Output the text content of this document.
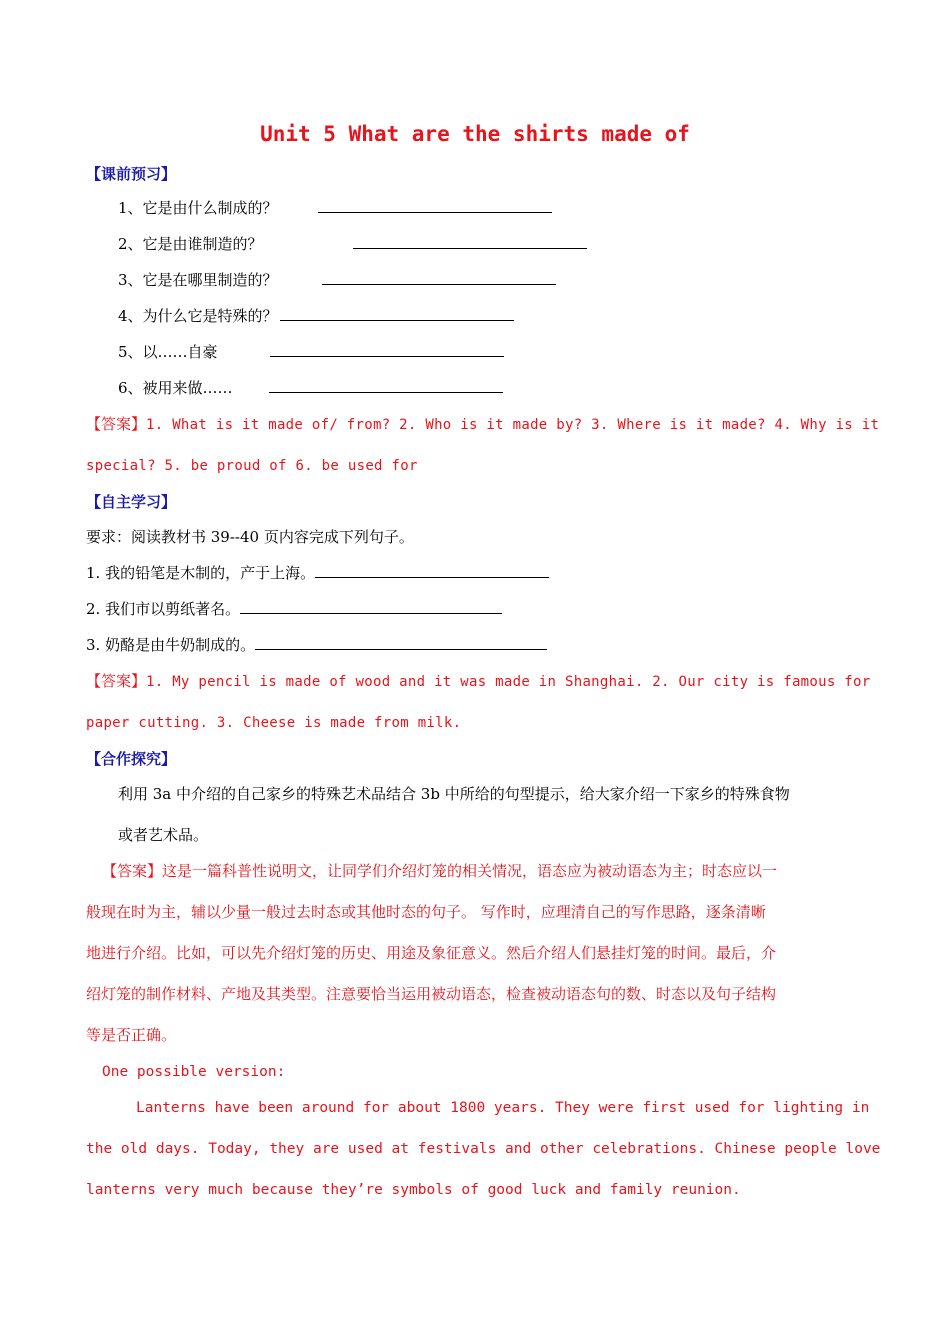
Unit 5 What are the shirts made of
【课前预习】
1、它是由什么制成的？
2、它是由谁制造的？
3、它是在哪里制造的？
4、为什么它是特殊的？
5、以……自豪
6、被用来做……
【答案】1. What is it made of/ from? 2. Who is it made by? 3. Where is it made? 4. Why is it
special? 5. be proud of 6. be used for
【自主学习】
要求：阅读教材书 39--40 页内容完成下列句子。
1. 我的铅笔是木制的，产于上海。
2. 我们市以剪纸著名。
3. 奶酪是由牛奶制成的。
【答案】1. My pencil is made of wood and it was made in Shanghai. 2. Our city is famous for
paper cutting. 3. Cheese is made from milk.
【合作探究】
利用 3a 中介绍的自己家乡的特殊艺术品结合 3b 中所给的句型提示，给大家介绍一下家乡的特殊食物
或者艺术品。
【答案】这是一篇科普性说明文，让同学们介绍灯笼的相关情况，语态应为被动语态为主；时态应以一
般现在时为主，辅以少量一般过去时态或其他时态的句子。 写作时，应理清自己的写作思路，逐条清晰
地进行介绍。比如，可以先介绍灯笼的历史、用途及象征意义。然后介绍人们悬挂灯笼的时间。最后，介
绍灯笼的制作材料、产地及其类型。注意要恰当运用被动语态，检查被动语态句的数、时态以及句子结构
等是否正确。
One possible version:
Lanterns have been around for about 1800 years. They were first used for lighting in
the old days. Today, they are used at festivals and other celebrations. Chinese people love
lanterns very much because they’re symbols of good luck and family reunion.
